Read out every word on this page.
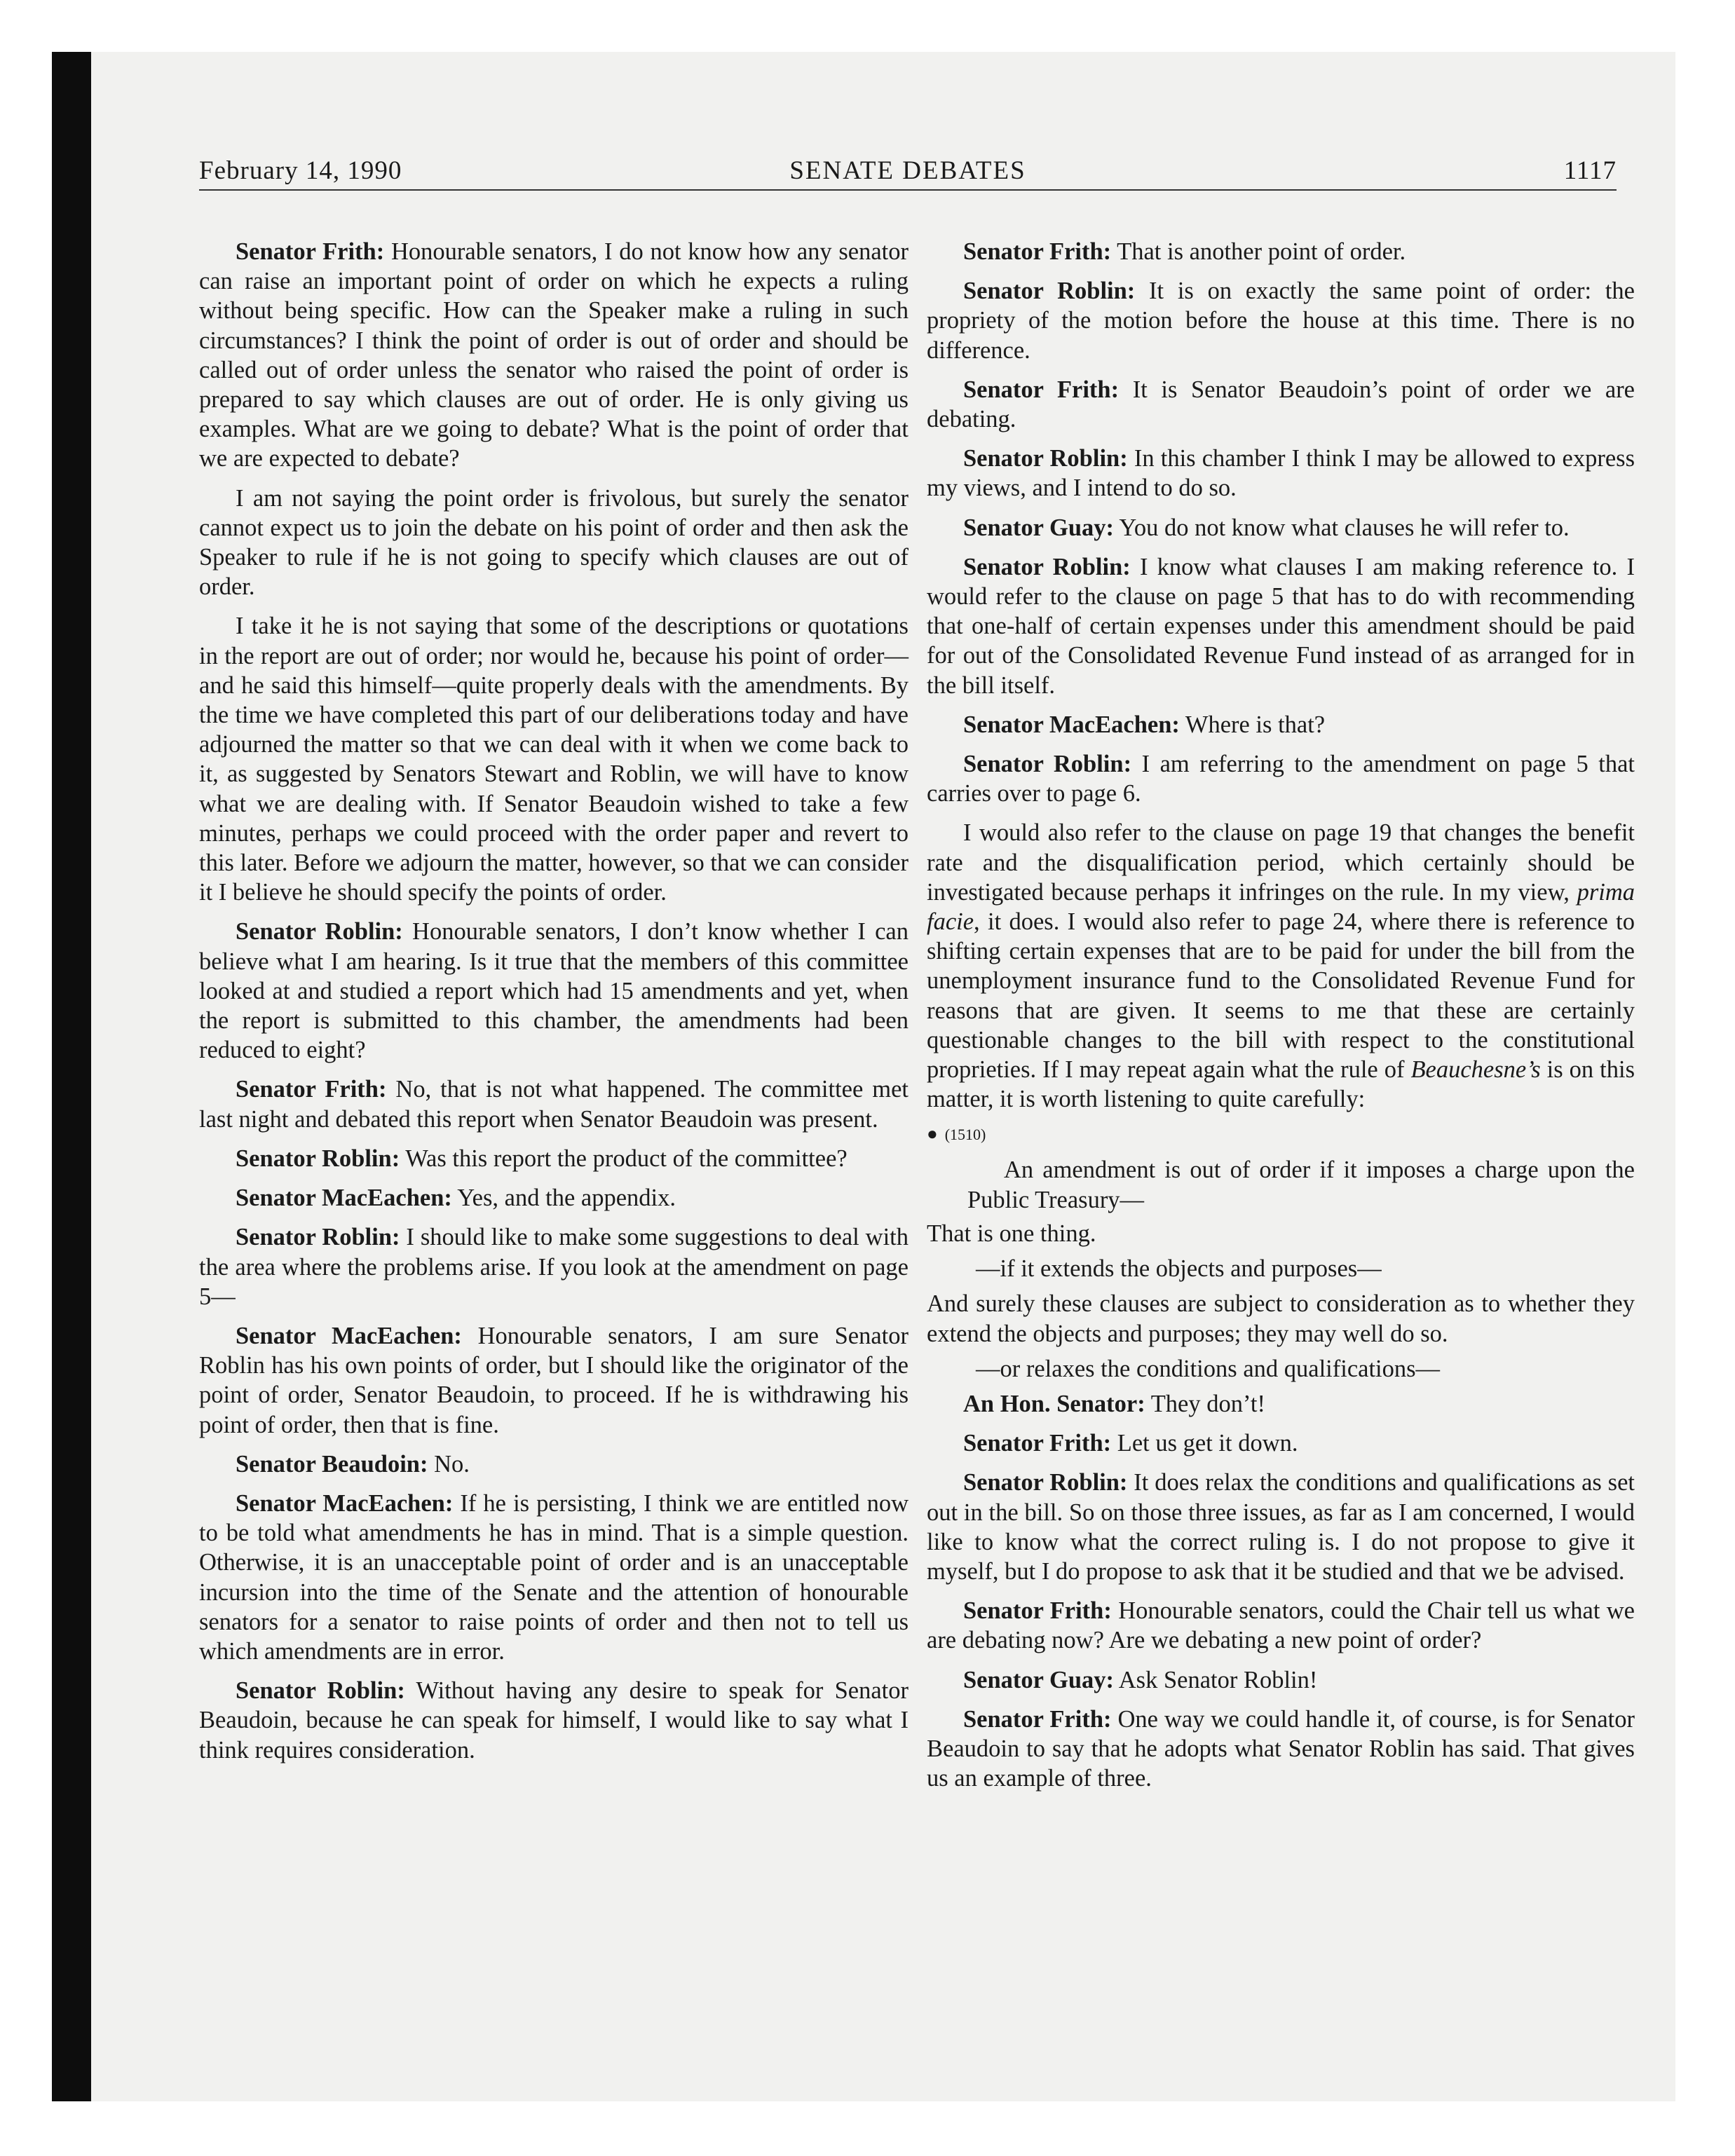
SENATE DEBATES
February 14, 1990	1117

Senator Frith: Honourable senators, I do not know how any senator can raise an important point of order on which he expects a ruling without being specific. How can the Speaker make a ruling in such circumstances? I think the point of order is out of order and should be called out of order unless the senator who raised the point of order is prepared to say which clauses are out of order. He is only giving us examples. What are we going to debate? What is the point of order that we are expected to debate?

I am not saying the point order is frivolous, but surely the senator cannot expect us to join the debate on his point of order and then ask the Speaker to rule if he is not going to specify which clauses are out of order.

I take it he is not saying that some of the descriptions or quotations in the report are out of order; nor would he, because his point of order—and he said this himself—quite properly deals with the amendments. By the time we have completed this part of our deliberations today and have adjourned the matter so that we can deal with it when we come back to it, as suggested by Senators Stewart and Roblin, we will have to know what we are dealing with. If Senator Beaudoin wished to take a few minutes, perhaps we could proceed with the order paper and revert to this later. Before we adjourn the matter, however, so that we can consider it I believe he should specify the points of order.

Senator Roblin: Honourable senators, I don’t know whether I can believe what I am hearing. Is it true that the members of this committee looked at and studied a report which had 15 amendments and yet, when the report is submitted to this chamber, the amendments had been reduced to eight?

Senator Frith: No, that is not what happened. The committee met last night and debated this report when Senator Beaudoin was present.

Senator Roblin: Was this report the product of the committee?

Senator MacEachen: Yes, and the appendix.

Senator Roblin: I should like to make some suggestions to deal with the area where the problems arise. If you look at the amendment on page 5—

Senator MacEachen: Honourable senators, I am sure Senator Roblin has his own points of order, but I should like the originator of the point of order, Senator Beaudoin, to proceed. If he is withdrawing his point of order, then that is fine.

Senator Beaudoin: No.

Senator MacEachen: If he is persisting, I think we are entitled now to be told what amendments he has in mind. That is a simple question. Otherwise, it is an unacceptable point of order and is an unacceptable incursion into the time of the Senate and the attention of honourable senators for a senator to raise points of order and then not to tell us which amendments are in error.

Senator Roblin: Without having any desire to speak for Senator Beaudoin, because he can speak for himself, I would like to say what I think requires consideration.

Senator Frith: That is another point of order.

Senator Roblin: It is on exactly the same point of order: the propriety of the motion before the house at this time. There is no difference.

Senator Frith: It is Senator Beaudoin’s point of order we are debating.

Senator Roblin: In this chamber I think I may be allowed to express my views, and I intend to do so.

Senator Guay: You do not know what clauses he will refer to.

Senator Roblin: I know what clauses I am making reference to. I would refer to the clause on page 5 that has to do with recommending that one-half of certain expenses under this amendment should be paid for out of the Consolidated Revenue Fund instead of as arranged for in the bill itself.

Senator MacEachen: Where is that?

Senator Roblin: I am referring to the amendment on page 5 that carries over to page 6.

I would also refer to the clause on page 19 that changes the benefit rate and the disqualification period, which certainly should be investigated because perhaps it infringes on the rule. In my view, prima facie, it does. I would also refer to page 24, where there is reference to shifting certain expenses that are to be paid for under the bill from the unemployment insurance fund to the Consolidated Revenue Fund for reasons that are given. It seems to me that these are certainly questionable changes to the bill with respect to the constitutional proprieties. If I may repeat again what the rule of Beauchesne’s is on this matter, it is worth listening to quite carefully:

● (1510)

An amendment is out of order if it imposes a charge upon the Public Treasury—

That is one thing.

—if it extends the objects and purposes—

And surely these clauses are subject to consideration as to whether they extend the objects and purposes; they may well do so.

—or relaxes the conditions and qualifications—

An Hon. Senator: They don’t!

Senator Frith: Let us get it down.

Senator Roblin: It does relax the conditions and qualifications as set out in the bill. So on those three issues, as far as I am concerned, I would like to know what the correct ruling is. I do not propose to give it myself, but I do propose to ask that it be studied and that we be advised.

Senator Frith: Honourable senators, could the Chair tell us what we are debating now? Are we debating a new point of order?

Senator Guay: Ask Senator Roblin!

Senator Frith: One way we could handle it, of course, is for Senator Beaudoin to say that he adopts what Senator Roblin has said. That gives us an example of three.
